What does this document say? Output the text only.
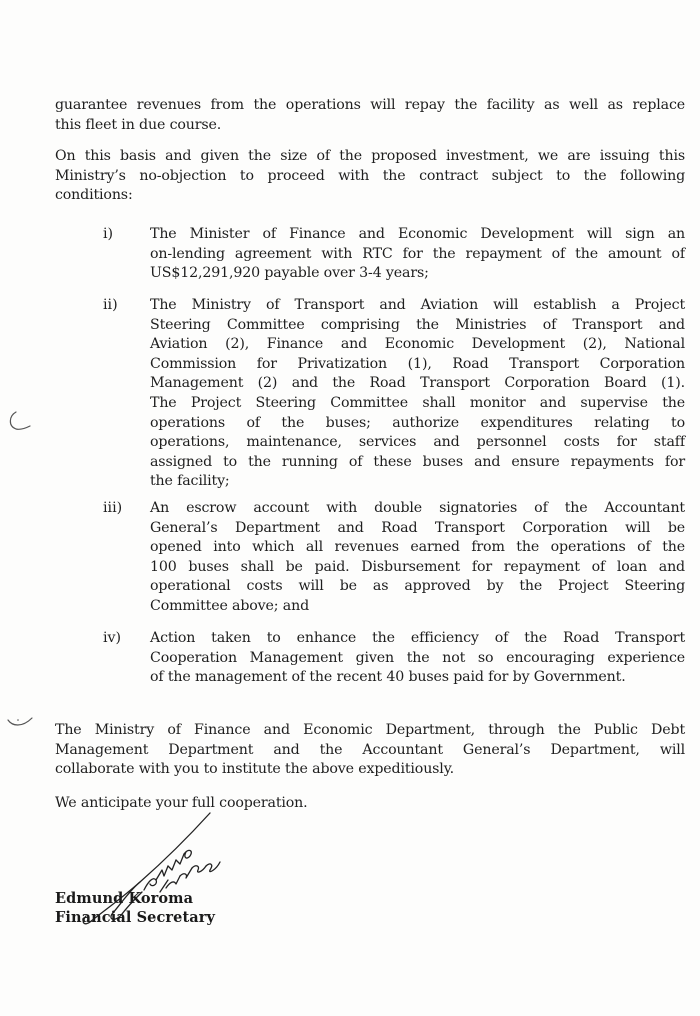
guarantee revenues from the operations will repay the facility as well as replace
this fleet in due course.
On this basis and given the size of the proposed investment, we are issuing this
Ministry’s no-objection to proceed with the contract subject to the following
conditions:
i)	The Minister of Finance and Economic Development will sign an
on-lending agreement with RTC for the repayment of the amount of
US$12,291,920 payable over 3-4 years;
ii) The Ministry of Transport and Aviation will establish a Project
Steering Committee comprising the Ministries of Transport and
Aviation (2), Finance and Economic Development (2), National
Commission for Privatization (1), Road Transport Corporation
Management (2) and the Road Transport Corporation Board (1).
The Project Steering Committee shall monitor and supervise the
operations of the buses; authorize expenditures relating to
operations, maintenance, services and personnel costs for staff
assigned to the running of these buses and ensure repayments for
the facility;
iii) An escrow account with double signatories of the Accountant
General’s Department and Road Transport Corporation will be
opened into which all revenues earned from the operations of the
100 buses shall be paid. Disbursement for repayment of loan and
operational costs will be as approved by the Project Steering
Committee above; and
iv) Action taken to enhance the efficiency of the Road Transport
Cooperation Management given the not so encouraging experience
of the management of the recent 40 buses paid for by Government.
The Ministry of Finance and Economic Department, through the Public Debt
Management Department and the Accountant General’s Department, will
collaborate with you to institute the above expeditiously.
We anticipate your full cooperation.
Edmund Koroma
Financial Secretary
